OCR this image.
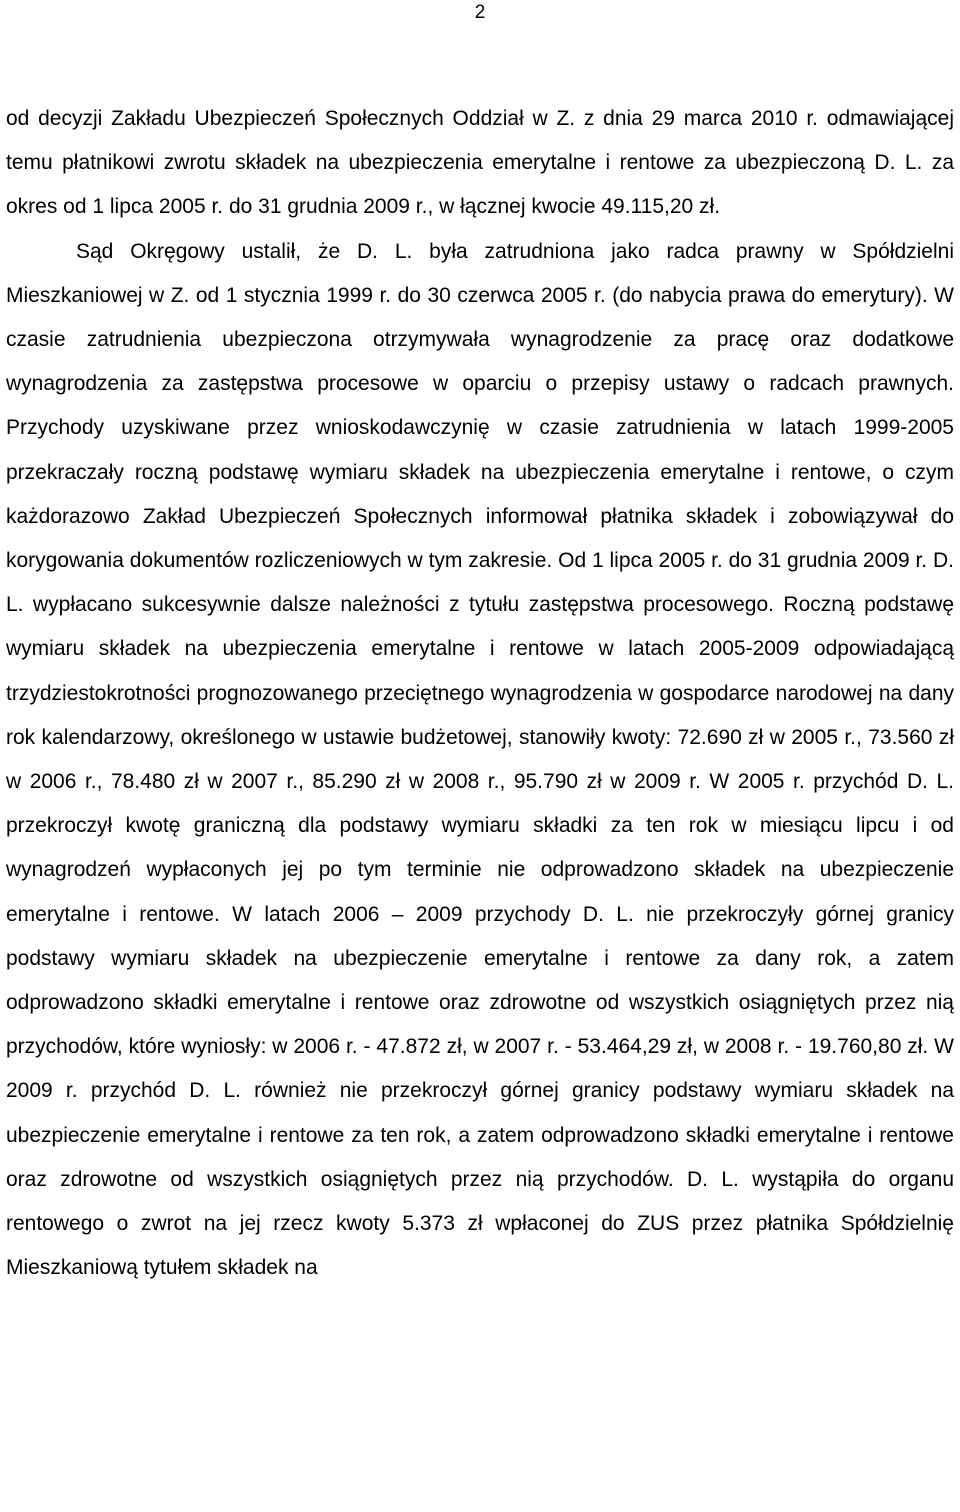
2

od decyzji Zakładu Ubezpieczeń Społecznych Oddział w Z. z dnia 29 marca 2010 r. odmawiającej temu płatnikowi zwrotu składek na ubezpieczenia emerytalne i rentowe za ubezpieczoną D. L. za okres od 1 lipca 2005 r. do 31 grudnia 2009 r., w łącznej kwocie 49.115,20 zł.

Sąd Okręgowy ustalił, że D. L. była zatrudniona jako radca prawny w Spółdzielni Mieszkaniowej w Z. od 1 stycznia 1999 r. do 30 czerwca 2005 r. (do nabycia prawa do emerytury). W czasie zatrudnienia ubezpieczona otrzymywała wynagrodzenie za pracę oraz dodatkowe wynagrodzenia za zastępstwa procesowe w oparciu o przepisy ustawy o radcach prawnych. Przychody uzyskiwane przez wnioskodawczynię w czasie zatrudnienia w latach 1999-2005 przekraczały roczną podstawę wymiaru składek na ubezpieczenia emerytalne i rentowe, o czym każdorazowo Zakład Ubezpieczeń Społecznych informował płatnika składek i zobowiązywał do korygowania dokumentów rozliczeniowych w tym zakresie. Od 1 lipca 2005 r. do 31 grudnia 2009 r. D. L. wypłacano sukcesywnie dalsze należności z tytułu zastępstwa procesowego. Roczną podstawę wymiaru składek na ubezpieczenia emerytalne i rentowe w latach 2005-2009 odpowiadającą trzydziestokrotności prognozowanego przeciętnego wynagrodzenia w gospodarce narodowej na dany rok kalendarzowy, określonego w ustawie budżetowej, stanowiły kwoty: 72.690 zł w 2005 r., 73.560 zł w 2006 r., 78.480 zł w 2007 r., 85.290 zł w 2008 r., 95.790 zł w 2009 r. W 2005 r. przychód D. L. przekroczył kwotę graniczną dla podstawy wymiaru składki za ten rok w miesiącu lipcu i od wynagrodzeń wypłaconych jej po tym terminie nie odprowadzono składek na ubezpieczenie emerytalne i rentowe. W latach 2006 – 2009 przychody D. L. nie przekroczyły górnej granicy podstawy wymiaru składek na ubezpieczenie emerytalne i rentowe za dany rok, a zatem odprowadzono składki emerytalne i rentowe oraz zdrowotne od wszystkich osiągniętych przez nią przychodów, które wyniosły: w 2006 r. - 47.872 zł, w 2007 r. - 53.464,29 zł, w 2008 r. - 19.760,80 zł. W 2009 r. przychód D. L. również nie przekroczył górnej granicy podstawy wymiaru składek na ubezpieczenie emerytalne i rentowe za ten rok, a zatem odprowadzono składki emerytalne i rentowe oraz zdrowotne od wszystkich osiągniętych przez nią przychodów. D. L. wystąpiła do organu rentowego o zwrot na jej rzecz kwoty 5.373 zł wpłaconej do ZUS przez płatnika Spółdzielnię Mieszkaniową tytułem składek na
